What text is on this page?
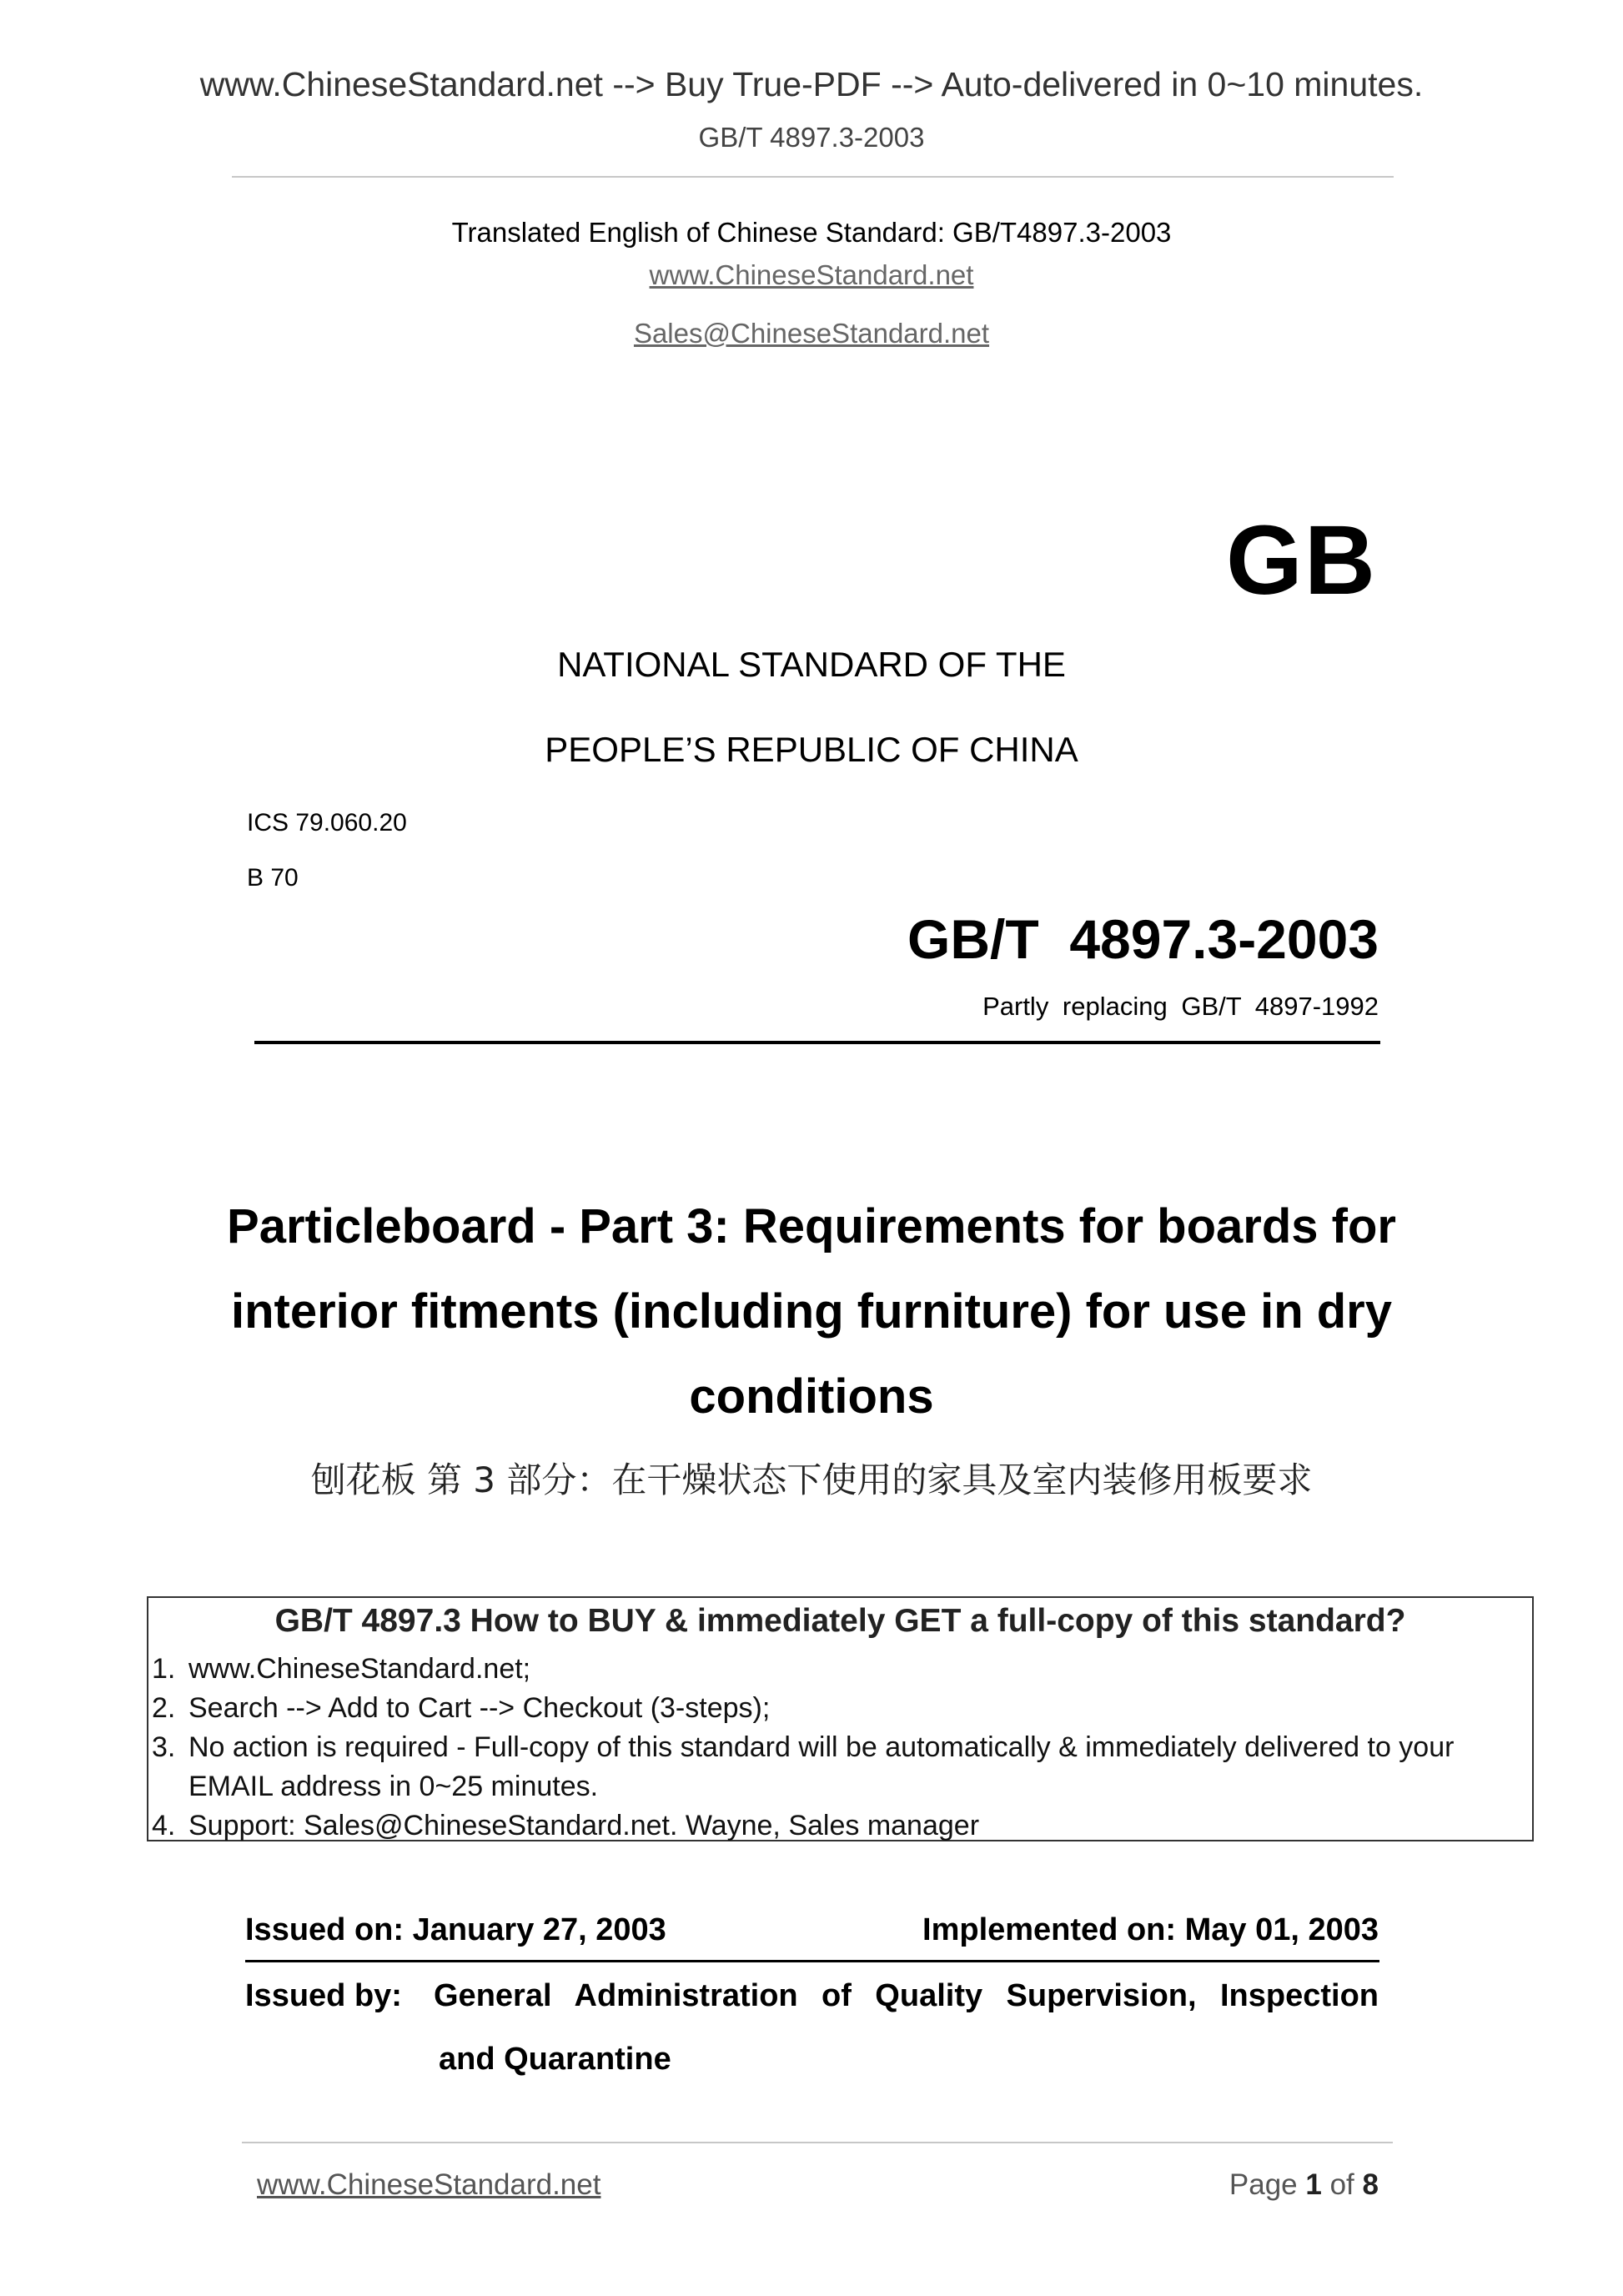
www.ChineseStandard.net --> Buy True-PDF --> Auto-delivered in 0~10 minutes.
GB/T 4897.3-2003
Translated English of Chinese Standard: GB/T4897.3-2003
www.ChineseStandard.net
Sales@ChineseStandard.net
GB
NATIONAL STANDARD OF THE
PEOPLE’S REPUBLIC OF CHINA
ICS 79.060.20
B 70
GB/T  4897.3-2003
Partly replacing GB/T 4897-1992
Particleboard - Part 3: Requirements for boards for interior fitments (including furniture) for use in dry conditions
刨花板 第 3 部分：在干燥状态下使用的家具及室内装修用板要求
GB/T 4897.3 How to BUY & immediately GET a full-copy of this standard?
1. www.ChineseStandard.net;
2. Search --> Add to Cart --> Checkout (3-steps);
3. No action is required - Full-copy of this standard will be automatically & immediately delivered to your EMAIL address in 0~25 minutes.
4. Support: Sales@ChineseStandard.net. Wayne, Sales manager
Issued on: January 27, 2003	Implemented on: May 01, 2003
Issued by: General Administration of Quality Supervision, Inspection
and Quarantine
www.ChineseStandard.net	Page 1 of 8
